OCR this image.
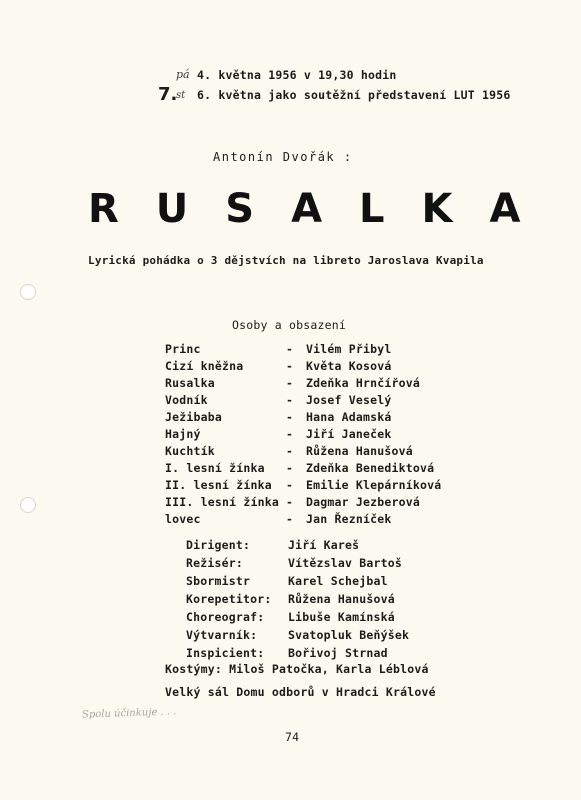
pá 4. května 1956 v 19,30 hodin
7.
st 6. května jako soutěžní představení LUT 1956
Antonín Dvořák :
RUSALKA
Lyrická pohádka o 3 dějstvích na libreto Jaroslava Kvapila
Osoby a obsazení
Princ	- Vilém Přibyl
Cizí kněžna	- Květa Kosová
Rusalka	- Zdeňka Hrnčířová
Vodník	- Josef Veselý
Ježibaba	- Hana Adamská
Hajný	- Jiří Janeček
Kuchtík	- Růžena Hanušová
I. lesní žínka - Zdeňka Benediktová
II. lesní žínka - Emilie Klepárníková
III. lesní žínka - Dagmar Jezberová
lovec	- Jan Řezníček
Dirigent:	Jiří Kareš
Režisér:	Vítězslav Bartoš
Sbormistr	Karel Schejbal
Korepetitor: Růžena Hanušová
Choreograf: Libuše Kamínská
Výtvarník:	Svatopluk Beňýšek
Inspicient: Bořivoj Strnad
Kostýmy: Miloš Patočka, Karla Léblová
Velký sál Domu odborů v Hradci Králové
Spolu účinkuje . . .
74
